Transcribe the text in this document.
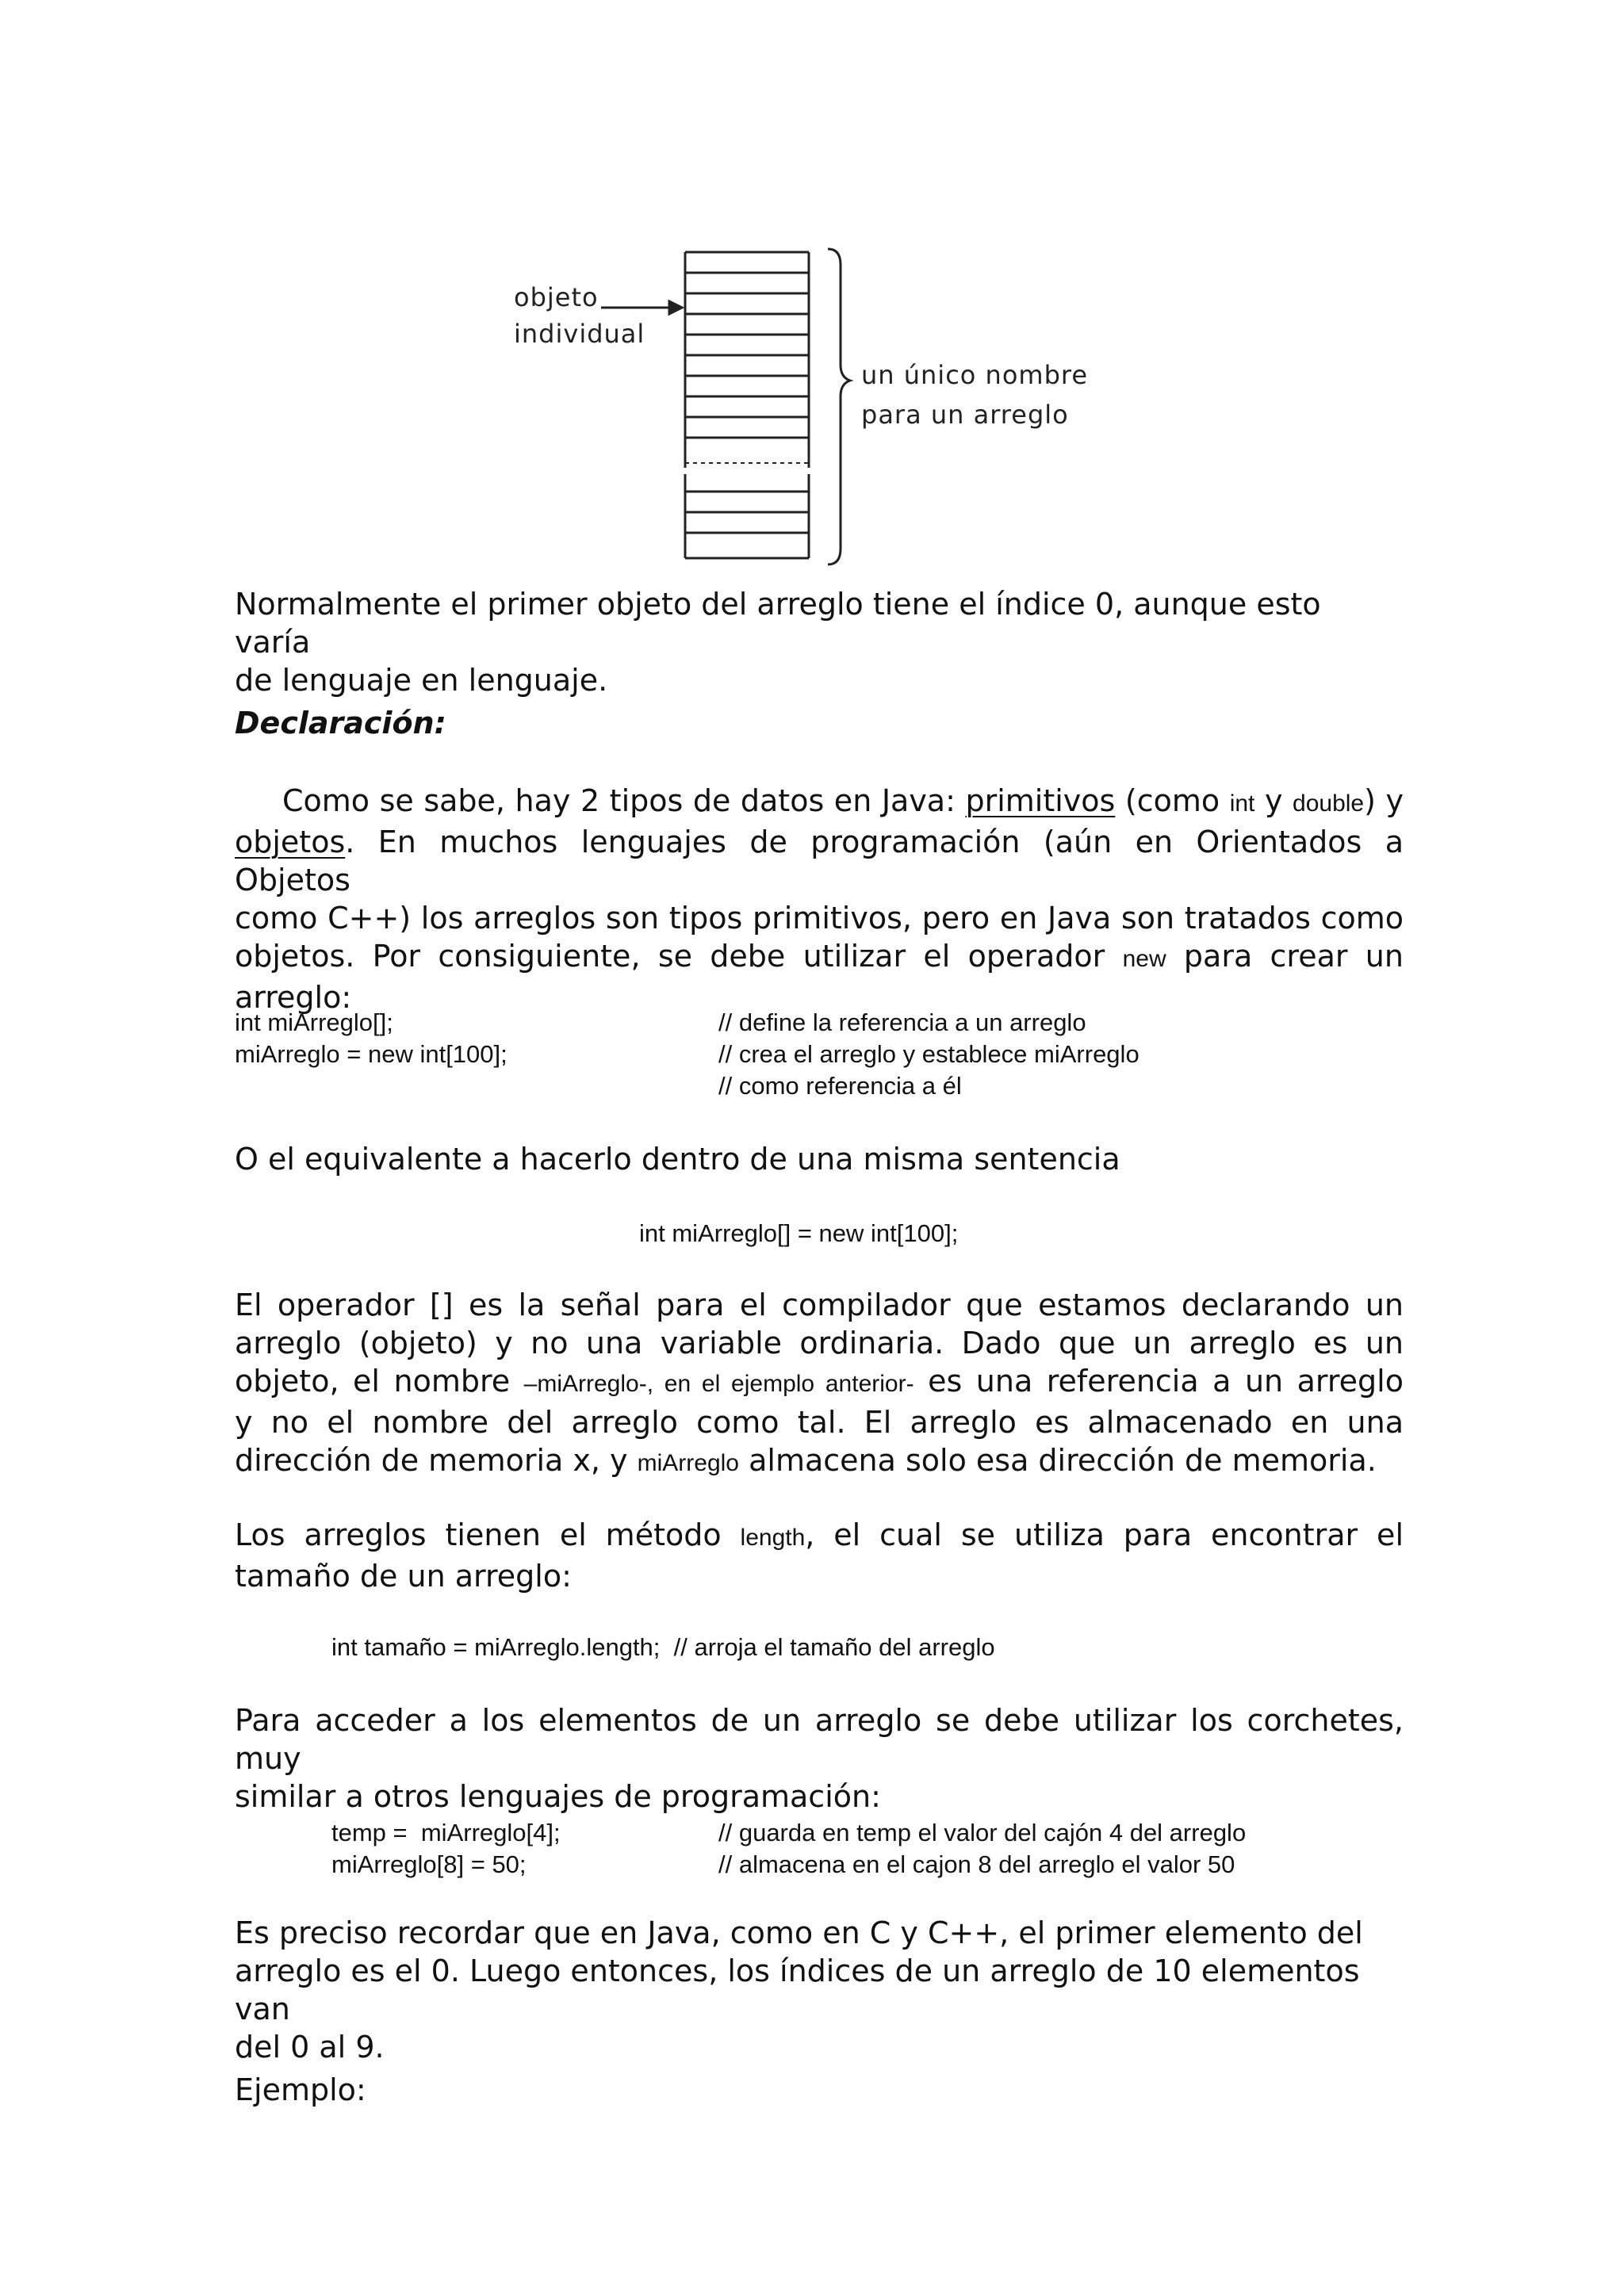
objeto
individual
un único nombre
para un arreglo
Normalmente el primer objeto del arreglo tiene el índice 0, aunque esto varía
de lenguaje en lenguaje.
Declaración:
Como se sabe, hay 2 tipos de datos en Java: primitivos (como int y double) y
objetos. En muchos lenguajes de programación (aún en Orientados a Objetos
como C++) los arreglos son tipos primitivos, pero en Java son tratados como
objetos. Por consiguiente, se debe utilizar el operador new para crear un
arreglo:
int miArreglo[];
miArreglo = new int[100];
// define la referencia a un arreglo
// crea el arreglo y establece miArreglo
// como referencia a él
O el equivalente a hacerlo dentro de una misma sentencia
int miArreglo[] = new int[100];
El operador [] es la señal para el compilador que estamos declarando un
arreglo (objeto) y no una variable ordinaria. Dado que un arreglo es un
objeto, el nombre –miArreglo-, en el ejemplo anterior- es una referencia a un arreglo
y no el nombre del arreglo como tal. El arreglo es almacenado en una
dirección de memoria x, y miArreglo almacena solo esa dirección de memoria.
Los arreglos tienen el método length, el cual se utiliza para encontrar el
tamaño de un arreglo:
int tamaño = miArreglo.length;  // arroja el tamaño del arreglo
Para acceder a los elementos de un arreglo se debe utilizar los corchetes, muy
similar a otros lenguajes de programación:
temp =  miArreglo[4];
miArreglo[8] = 50;
// guarda en temp el valor del cajón 4 del arreglo
// almacena en el cajon 8 del arreglo el valor 50
Es preciso recordar que en Java, como en C y C++, el primer elemento del
arreglo es el 0. Luego entonces, los índices de un arreglo de 10 elementos van
del 0 al 9.
Ejemplo:
